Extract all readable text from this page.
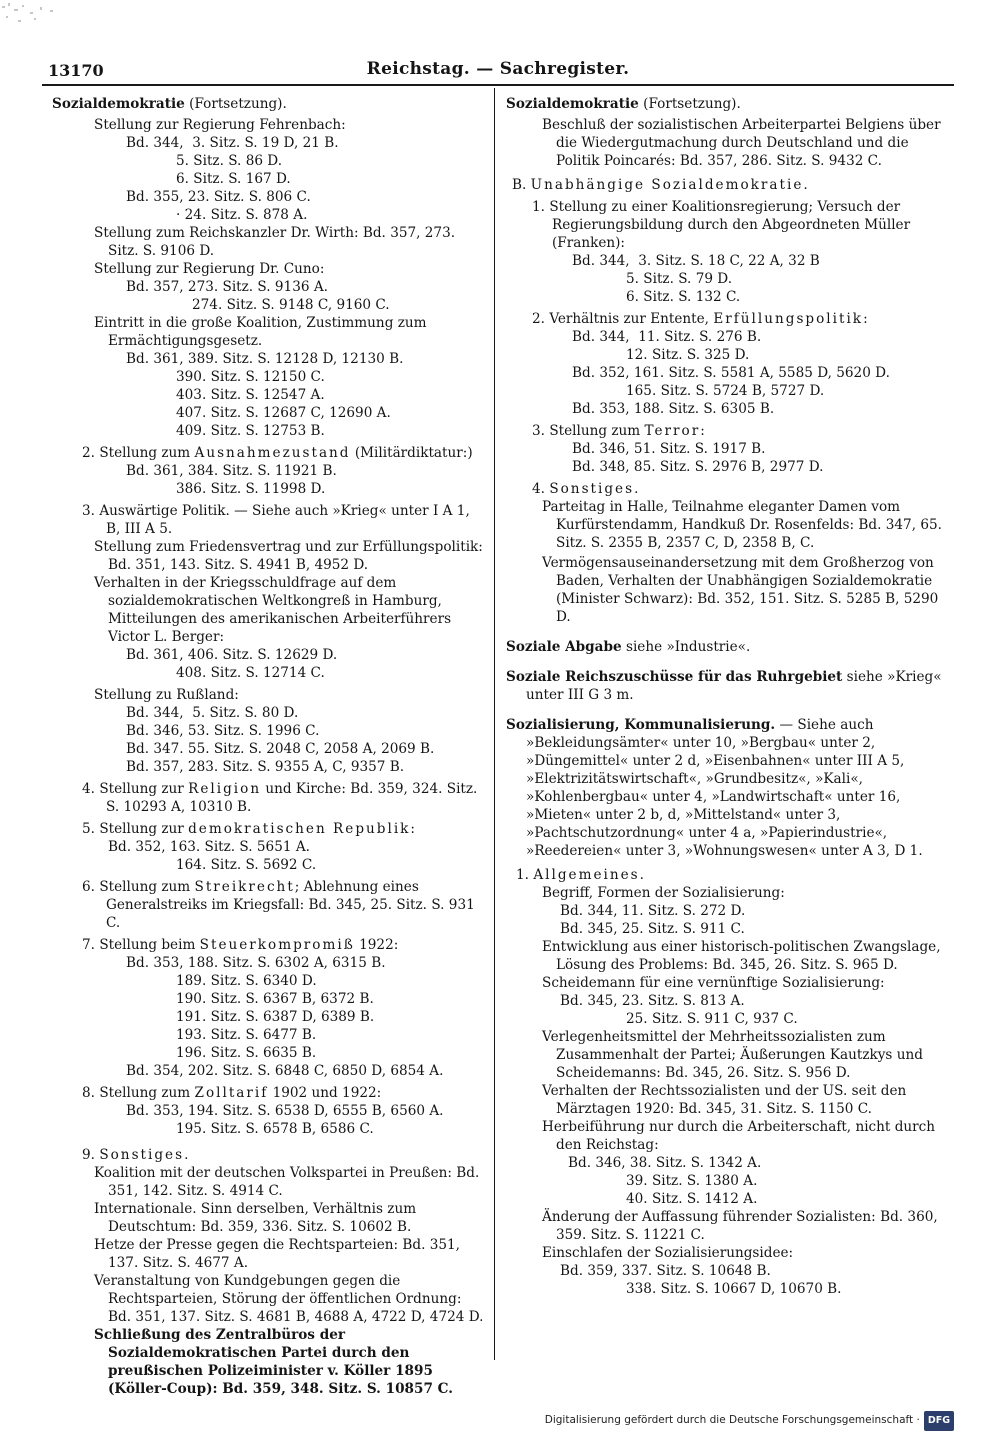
13170	Reichstag. — Sachregister.

Sozialdemokratie (Fortsetzung).

Stellung zur Regierung Fehrenbach:

Bd. 344,  3. Sitz. S. 19 D, 21 B.

5. Sitz. S. 86 D.

6. Sitz. S. 167 D.

Bd. 355, 23. Sitz. S. 806 C.

· 24. Sitz. S. 878 A.

Stellung zum Reichskanzler Dr. Wirth: Bd. 357, 273. Sitz. S. 9106 D.

Stellung zur Regierung Dr. Cuno:

Bd. 357, 273. Sitz. S. 9136 A.

274. Sitz. S. 9148 C, 9160 C.

Eintritt in die große Koalition, Zustimmung zum Ermächtigungsgesetz.

Bd. 361, 389. Sitz. S. 12128 D, 12130 B.

390. Sitz. S. 12150 C.

403. Sitz. S. 12547 A.

407. Sitz. S. 12687 C, 12690 A.

409. Sitz. S. 12753 B.

2. Stellung zum Ausnahmezustand (Militärdiktatur:)

Bd. 361, 384. Sitz. S. 11921 B.

386. Sitz. S. 11998 D.

3. Auswärtige Politik. — Siehe auch »Krieg« unter I A 1, B, III A 5.

Stellung zum Friedensvertrag und zur Erfüllungspolitik: Bd. 351, 143. Sitz. S. 4941 B, 4952 D.

Verhalten in der Kriegsschuldfrage auf dem sozialdemokratischen Weltkongreß in Hamburg, Mitteilungen des amerikanischen Arbeiterführers Victor L. Berger:

Bd. 361, 406. Sitz. S. 12629 D.

408. Sitz. S. 12714 C.

Stellung zu Rußland:

Bd. 344,  5. Sitz. S. 80 D.

Bd. 346, 53. Sitz. S. 1996 C.

Bd. 347. 55. Sitz. S. 2048 C, 2058 A, 2069 B.

Bd. 357, 283. Sitz. S. 9355 A, C, 9357 B.

4. Stellung zur Religion und Kirche: Bd. 359, 324. Sitz. S. 10293 A, 10310 B.

5. Stellung zur demokratischen Republik:

Bd. 352, 163. Sitz. S. 5651 A.

164. Sitz. S. 5692 C.

6. Stellung zum Streikrecht; Ablehnung eines Generalstreiks im Kriegsfall: Bd. 345, 25. Sitz. S. 931 C.

7. Stellung beim Steuerkompromiß 1922:

Bd. 353, 188. Sitz. S. 6302 A, 6315 B.

189. Sitz. S. 6340 D.

190. Sitz. S. 6367 B, 6372 B.

191. Sitz. S. 6387 D, 6389 B.

193. Sitz. S. 6477 B.

196. Sitz. S. 6635 B.

Bd. 354, 202. Sitz. S. 6848 C, 6850 D, 6854 A.

8. Stellung zum Zolltarif 1902 und 1922:

Bd. 353, 194. Sitz. S. 6538 D, 6555 B, 6560 A.

195. Sitz. S. 6578 B, 6586 C.

9. Sonstiges.

Koalition mit der deutschen Volkspartei in Preußen: Bd. 351, 142. Sitz. S. 4914 C.

Internationale. Sinn derselben, Verhältnis zum Deutschtum: Bd. 359, 336. Sitz. S. 10602 B.

Hetze der Presse gegen die Rechtsparteien: Bd. 351, 137. Sitz. S. 4677 A.

Veranstaltung von Kundgebungen gegen die Rechtsparteien, Störung der öffentlichen Ordnung: Bd. 351, 137. Sitz. S. 4681 B, 4688 A, 4722 D, 4724 D.

Schließung des Zentralbüros der Sozialdemokratischen Partei durch den preußischen Polizeiminister v. Köller 1895 (Köller-Coup): Bd. 359, 348. Sitz. S. 10857 C.

Sozialdemokratie (Fortsetzung).

Beschluß der sozialistischen Arbeiterpartei Belgiens über die Wiedergutmachung durch Deutschland und die Politik Poincarés: Bd. 357, 286. Sitz. S. 9432 C.

B. Unabhängige Sozialdemokratie.

1. Stellung zu einer Koalitionsregierung; Versuch der Regierungsbildung durch den Abgeordneten Müller (Franken):

Bd. 344,  3. Sitz. S. 18 C, 22 A, 32 B

5. Sitz. S. 79 D.

6. Sitz. S. 132 C.

2. Verhältnis zur Entente, Erfüllungspolitik:

Bd. 344,  11. Sitz. S. 276 B.

12. Sitz. S. 325 D.

Bd. 352, 161. Sitz. S. 5581 A, 5585 D, 5620 D.

165. Sitz. S. 5724 B, 5727 D.

Bd. 353, 188. Sitz. S. 6305 B.

3. Stellung zum Terror:

Bd. 346, 51. Sitz. S. 1917 B.

Bd. 348, 85. Sitz. S. 2976 B, 2977 D.

4. Sonstiges.

Parteitag in Halle, Teilnahme eleganter Damen vom Kurfürstendamm, Handkuß Dr. Rosenfelds: Bd. 347, 65. Sitz. S. 2355 B, 2357 C, D, 2358 B, C.

Vermögensauseinandersetzung mit dem Großherzog von Baden, Verhalten der Unabhängigen Sozialdemokratie (Minister Schwarz): Bd. 352, 151. Sitz. S. 5285 B, 5290 D.

Soziale Abgabe siehe »Industrie«.

Soziale Reichszuschüsse für das Ruhrgebiet siehe »Krieg« unter III G 3 m.

Sozialisierung, Kommunalisierung. — Siehe auch »Bekleidungsämter« unter 10, »Bergbau« unter 2, »Düngemittel« unter 2 d, »Eisenbahnen« unter III A 5, »Elektrizitätswirtschaft«, »Grundbesitz«, »Kali«, »Kohlenbergbau« unter 4, »Landwirtschaft« unter 16, »Mieten« unter 2 b, d, »Mittelstand« unter 3, »Pachtschutzordnung« unter 4 a, »Papierindustrie«, »Reedereien« unter 3, »Wohnungswesen« unter A 3, D 1.

1. Allgemeines.

Begriff, Formen der Sozialisierung:

Bd. 344, 11. Sitz. S. 272 D.

Bd. 345, 25. Sitz. S. 911 C.

Entwicklung aus einer historisch-politischen Zwangslage, Lösung des Problems: Bd. 345, 26. Sitz. S. 965 D.

Scheidemann für eine vernünftige Sozialisierung:

Bd. 345, 23. Sitz. S. 813 A.

25. Sitz. S. 911 C, 937 C.

Verlegenheitsmittel der Mehrheitssozialisten zum Zusammenhalt der Partei; Äußerungen Kautzkys und Scheidemanns: Bd. 345, 26. Sitz. S. 956 D.

Verhalten der Rechtssozialisten und der US. seit den Märztagen 1920: Bd. 345, 31. Sitz. S. 1150 C.

Herbeiführung nur durch die Arbeiterschaft, nicht durch den Reichstag:

Bd. 346, 38. Sitz. S. 1342 A.

39. Sitz. S. 1380 A.

40. Sitz. S. 1412 A.

Änderung der Auffassung führender Sozialisten: Bd. 360, 359. Sitz. S. 11221 C.

Einschlafen der Sozialisierungsidee:

Bd. 359, 337. Sitz. S. 10648 B.

338. Sitz. S. 10667 D, 10670 B.

Digitalisierung gefördert durch die Deutsche Forschungsgemeinschaft · DFG
